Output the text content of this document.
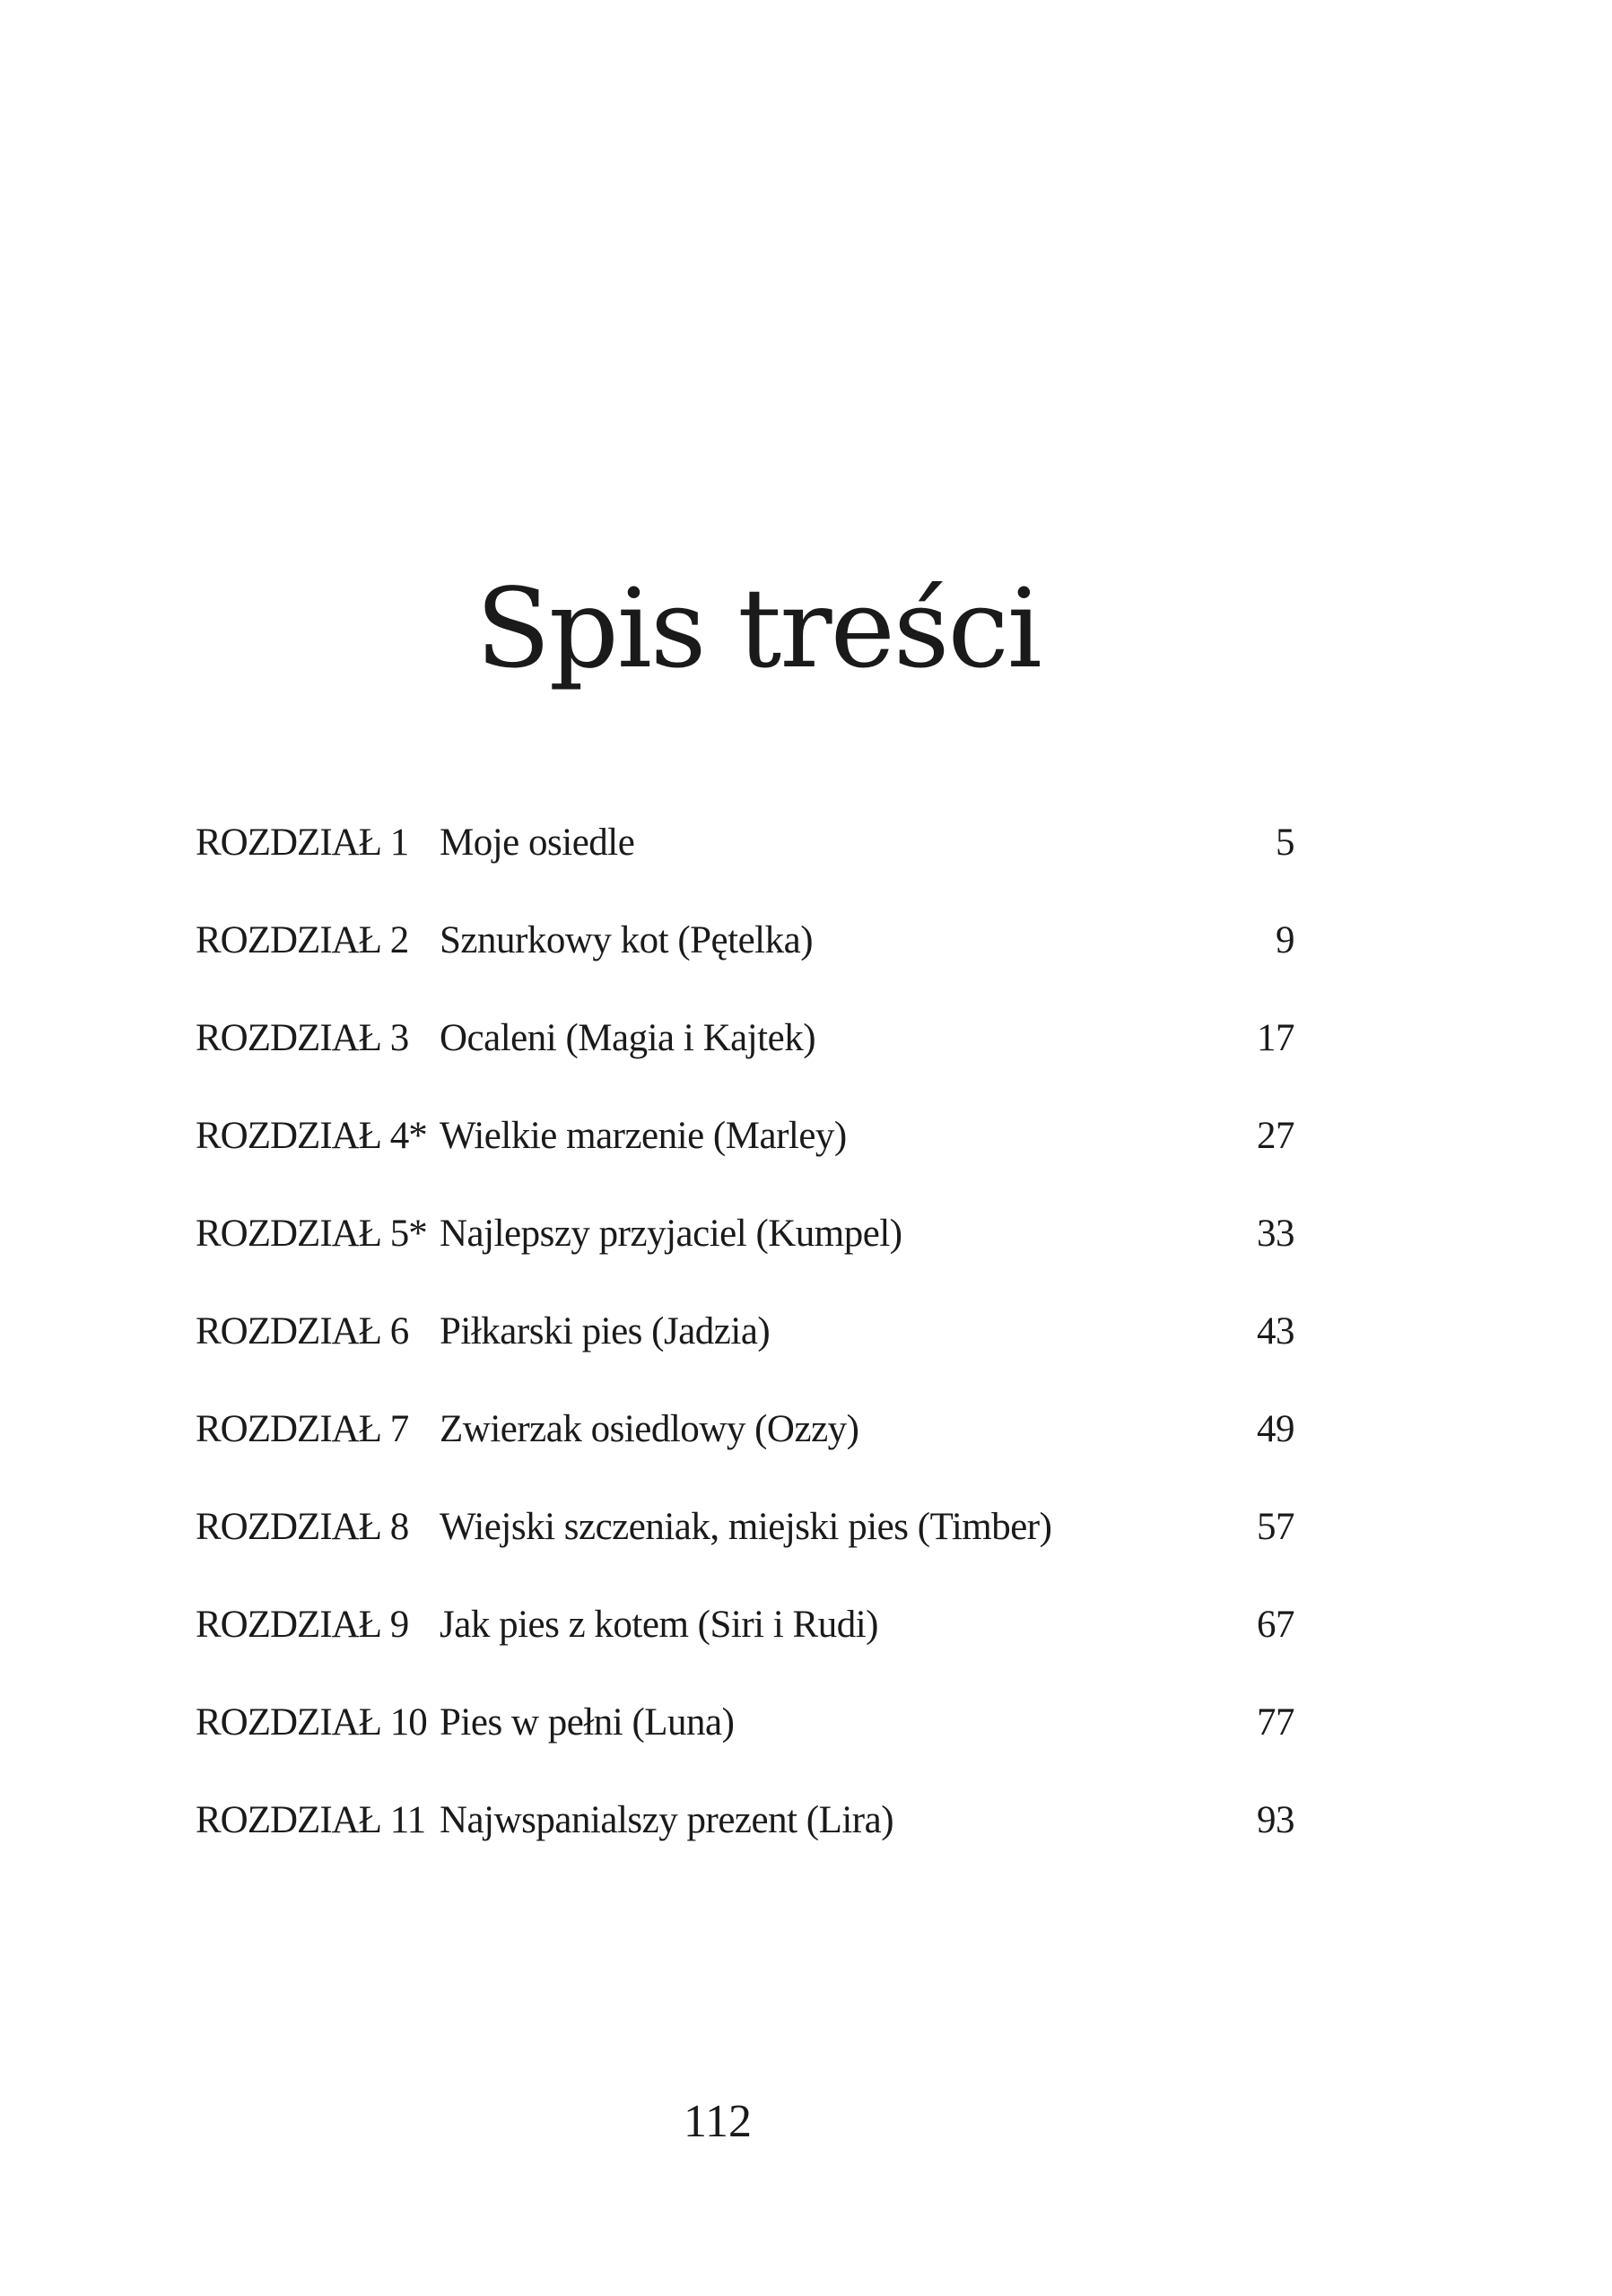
Spis treści
ROZDZIAŁ 1 Moje osiedle	5
ROZDZIAŁ 2 Sznurkowy kot (Pętelka)	9
ROZDZIAŁ 3 Ocaleni (Magia i Kajtek)	17
ROZDZIAŁ 4* Wielkie marzenie (Marley)	27
ROZDZIAŁ 5* Najlepszy przyjaciel (Kumpel)	33
ROZDZIAŁ 6 Piłkarski pies (Jadzia)	43
ROZDZIAŁ 7 Zwierzak osiedlowy (Ozzy)	49
ROZDZIAŁ 8 Wiejski szczeniak, miejski pies (Timber)	57
ROZDZIAŁ 9 Jak pies z kotem (Siri i Rudi)	67
ROZDZIAŁ 10 Pies w pełni (Luna)	77
ROZDZIAŁ 11 Najwspanialszy prezent (Lira)	93
112
